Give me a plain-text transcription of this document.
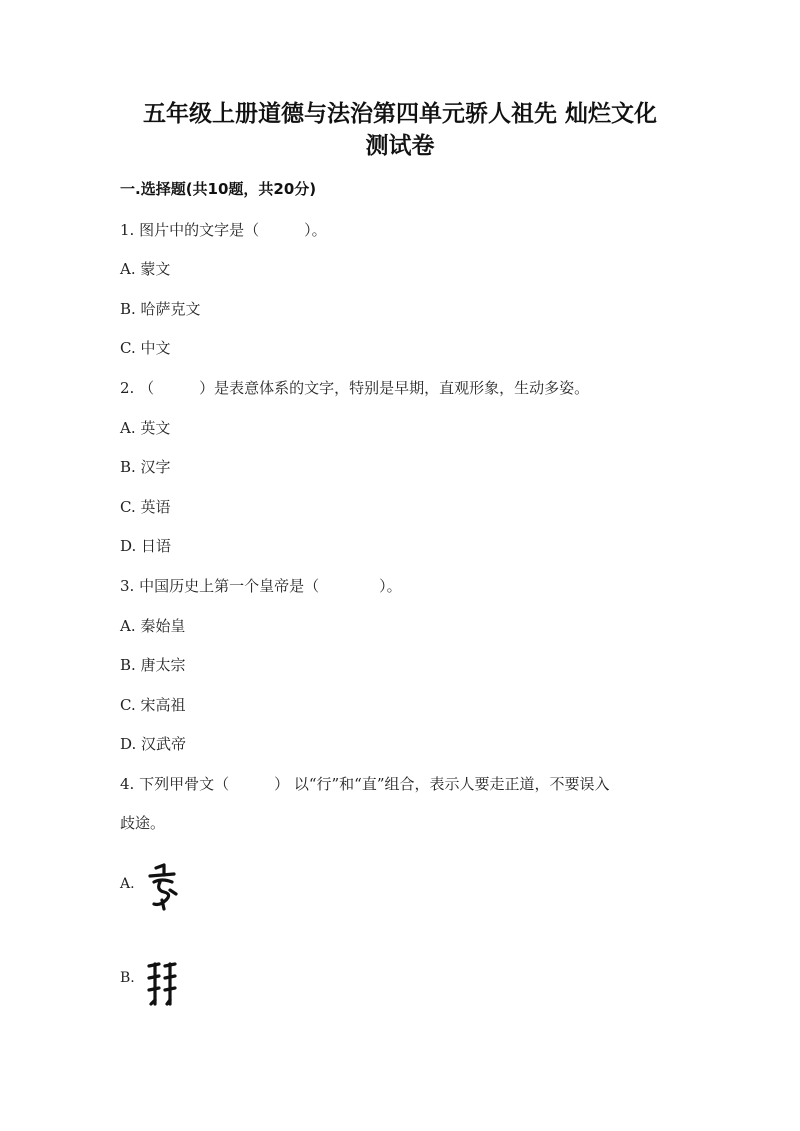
五年级上册道德与法治第四单元骄人祖先 灿烂文化
测试卷
一.选择题(共10题，共20分)
1. 图片中的文字是（　　　）。
A. 蒙文
B. 哈萨克文
C. 中文
2. （　　　）是表意体系的文字，特别是早期，直观形象，生动多姿。
A. 英文
B. 汉字
C. 英语
D. 日语
3. 中国历史上第一个皇帝是（　　　　）。
A. 秦始皇
B. 唐太宗
C. 宋高祖
D. 汉武帝
4. 下列甲骨文（　　　） 以“行”和“直”组合，表示人要走正道，不要误入
歧途。
A.
B.
